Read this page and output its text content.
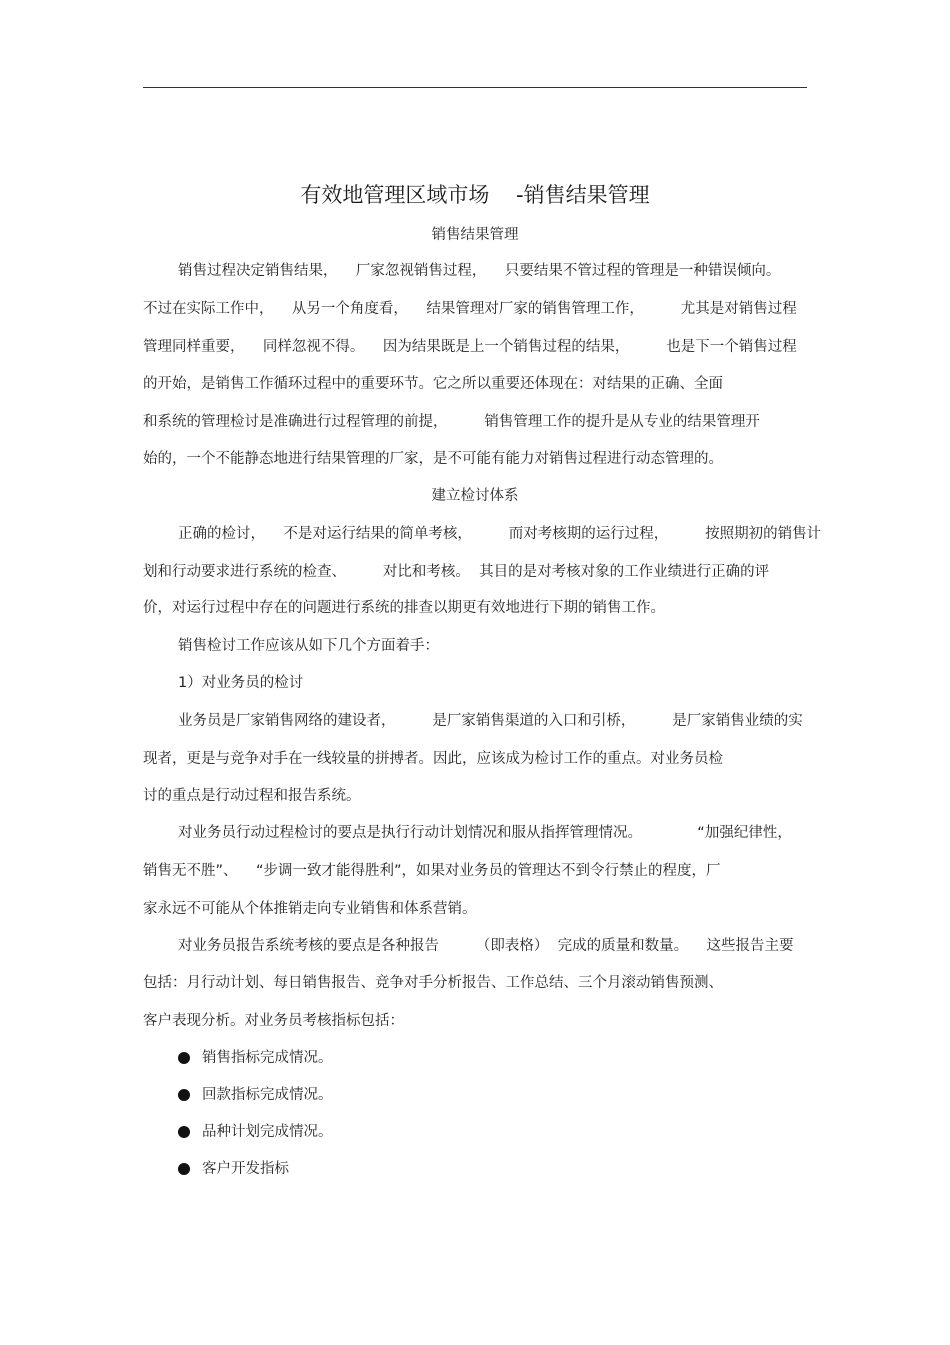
有效地管理区域市场    -销售结果管理
销售结果管理
销售过程决定销售结果，    厂家忽视销售过程，    只要结果不管过程的管理是一种错误倾向。
不过在实际工作中，    从另一个角度看，    结果管理对厂家的销售管理工作，        尤其是对销售过程
管理同样重要，    同样忽视不得。    因为结果既是上一个销售过程的结果，        也是下一个销售过程
的开始，是销售工作循环过程中的重要环节。它之所以重要还体现在：对结果的正确、全面
和系统的管理检讨是准确进行过程管理的前提，        销售管理工作的提升是从专业的结果管理开
始的，一个不能静态地进行结果管理的厂家，是不可能有能力对销售过程进行动态管理的。
建立检讨体系
正确的检讨，    不是对运行结果的简单考核，        而对考核期的运行过程，        按照期初的销售计
划和行动要求进行系统的检查、        对比和考核。  其目的是对考核对象的工作业绩进行正确的评
价，对运行过程中存在的问题进行系统的排查以期更有效地进行下期的销售工作。
销售检讨工作应该从如下几个方面着手：
1）对业务员的检讨
业务员是厂家销售网络的建设者，        是厂家销售渠道的入口和引桥，        是厂家销售业绩的实
现者，更是与竞争对手在一线较量的拼搏者。因此，应该成为检讨工作的重点。对业务员检
讨的重点是行动过程和报告系统。
对业务员行动过程检讨的要点是执行行动计划情况和服从指挥管理情况。            “加强纪律性，
销售无不胜”、    “步调一致才能得胜利”，如果对业务员的管理达不到令行禁止的程度，厂
家永远不可能从个体推销走向专业销售和体系营销。
对业务员报告系统考核的要点是各种报告        （即表格）  完成的质量和数量。    这些报告主要
包括：月行动计划、每日销售报告、竞争对手分析报告、工作总结、三个月滚动销售预测、
客户表现分析。对业务员考核指标包括：
销售指标完成情况。
回款指标完成情况。
品种计划完成情况。
客户开发指标
